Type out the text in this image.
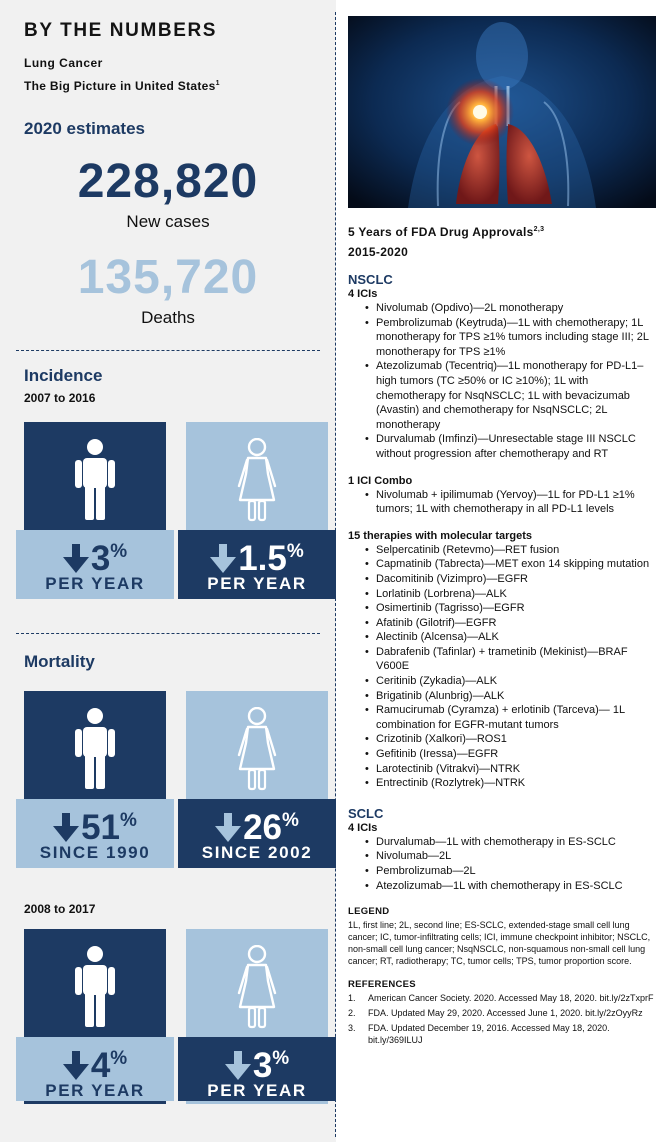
BY THE NUMBERS
Lung Cancer
The Big Picture in United States$^1$
2020 estimates
228,820
New cases
135,720
Deaths
Incidence
2007 to 2016
3%
PER YEAR
1.5%
PER YEAR
Mortality
51%
SINCE 1990
26%
SINCE 2002
2008 to 2017
4%
PER YEAR
3%
PER YEAR
5 Years of FDA Drug Approvals$^{2,3}$
2015-2020
NSCLC
4 ICIs
• Nivolumab (Opdivo)—2L monotherapy
• Pembrolizumab (Keytruda)—1L with chemotherapy; 1L monotherapy for TPS ≥1% tumors including stage III; 2L monotherapy for TPS ≥1%
• Atezolizumab (Tecentriq)—1L monotherapy for PD-L1–high tumors (TC ≥50% or IC ≥10%); 1L with chemotherapy for NsqNSCLC; 1L with bevacizumab (Avastin) and chemotherapy for NsqNSCLC; 2L monotherapy
• Durvalumab (Imfinzi)—Unresectable stage III NSCLC without progression after chemotherapy and RT
1 ICI Combo
• Nivolumab + ipilimumab (Yervoy)—1L for PD-L1 ≥1% tumors; 1L with chemotherapy in all PD-L1 levels
15 therapies with molecular targets
• Selpercatinib (Retevmo)—RET fusion
• Capmatinib (Tabrecta)—MET exon 14 skipping mutation
• Dacomitinib (Vizimpro)—EGFR
• Lorlatinib (Lorbrena)—ALK
• Osimertinib (Tagrisso)—EGFR
• Afatinib (Gilotrif)—EGFR
• Alectinib (Alcensa)—ALK
• Dabrafenib (Tafinlar) + trametinib (Mekinist)—BRAF V600E
• Ceritinib (Zykadia)—ALK
• Brigatinib (Alunbrig)—ALK
• Ramucirumab (Cyramza) + erlotinib (Tarceva)— 1L combination for EGFR-mutant tumors
• Crizotinib (Xalkori)—ROS1
• Gefitinib (Iressa)—EGFR
• Larotectinib (Vitrakvi)—NTRK
• Entrectinib (Rozlytrek)—NTRK
SCLC
4 ICIs
• Durvalumab—1L with chemotherapy in ES-SCLC
• Nivolumab—2L
• Pembrolizumab—2L
• Atezolizumab—1L with chemotherapy in ES-SCLC
LEGEND
1L, first line; 2L, second line; ES-SCLC, extended-stage small cell lung cancer; IC, tumor-infiltrating cells; ICI, immune checkpoint inhibitor; NSCLC, non-small cell lung cancer; NsqNSCLC, non-squamous non-small cell lung cancer; RT, radiotherapy; TC, tumor cells; TPS, tumor proportion score.
REFERENCES
1. American Cancer Society. 2020. Accessed May 18, 2020. bit.ly/2zTxprF
2. FDA. Updated May 29, 2020. Accessed June 1, 2020. bit.ly/2zOyyRz
3. FDA. Updated December 19, 2016. Accessed May 18, 2020. bit.ly/369ILUJ
